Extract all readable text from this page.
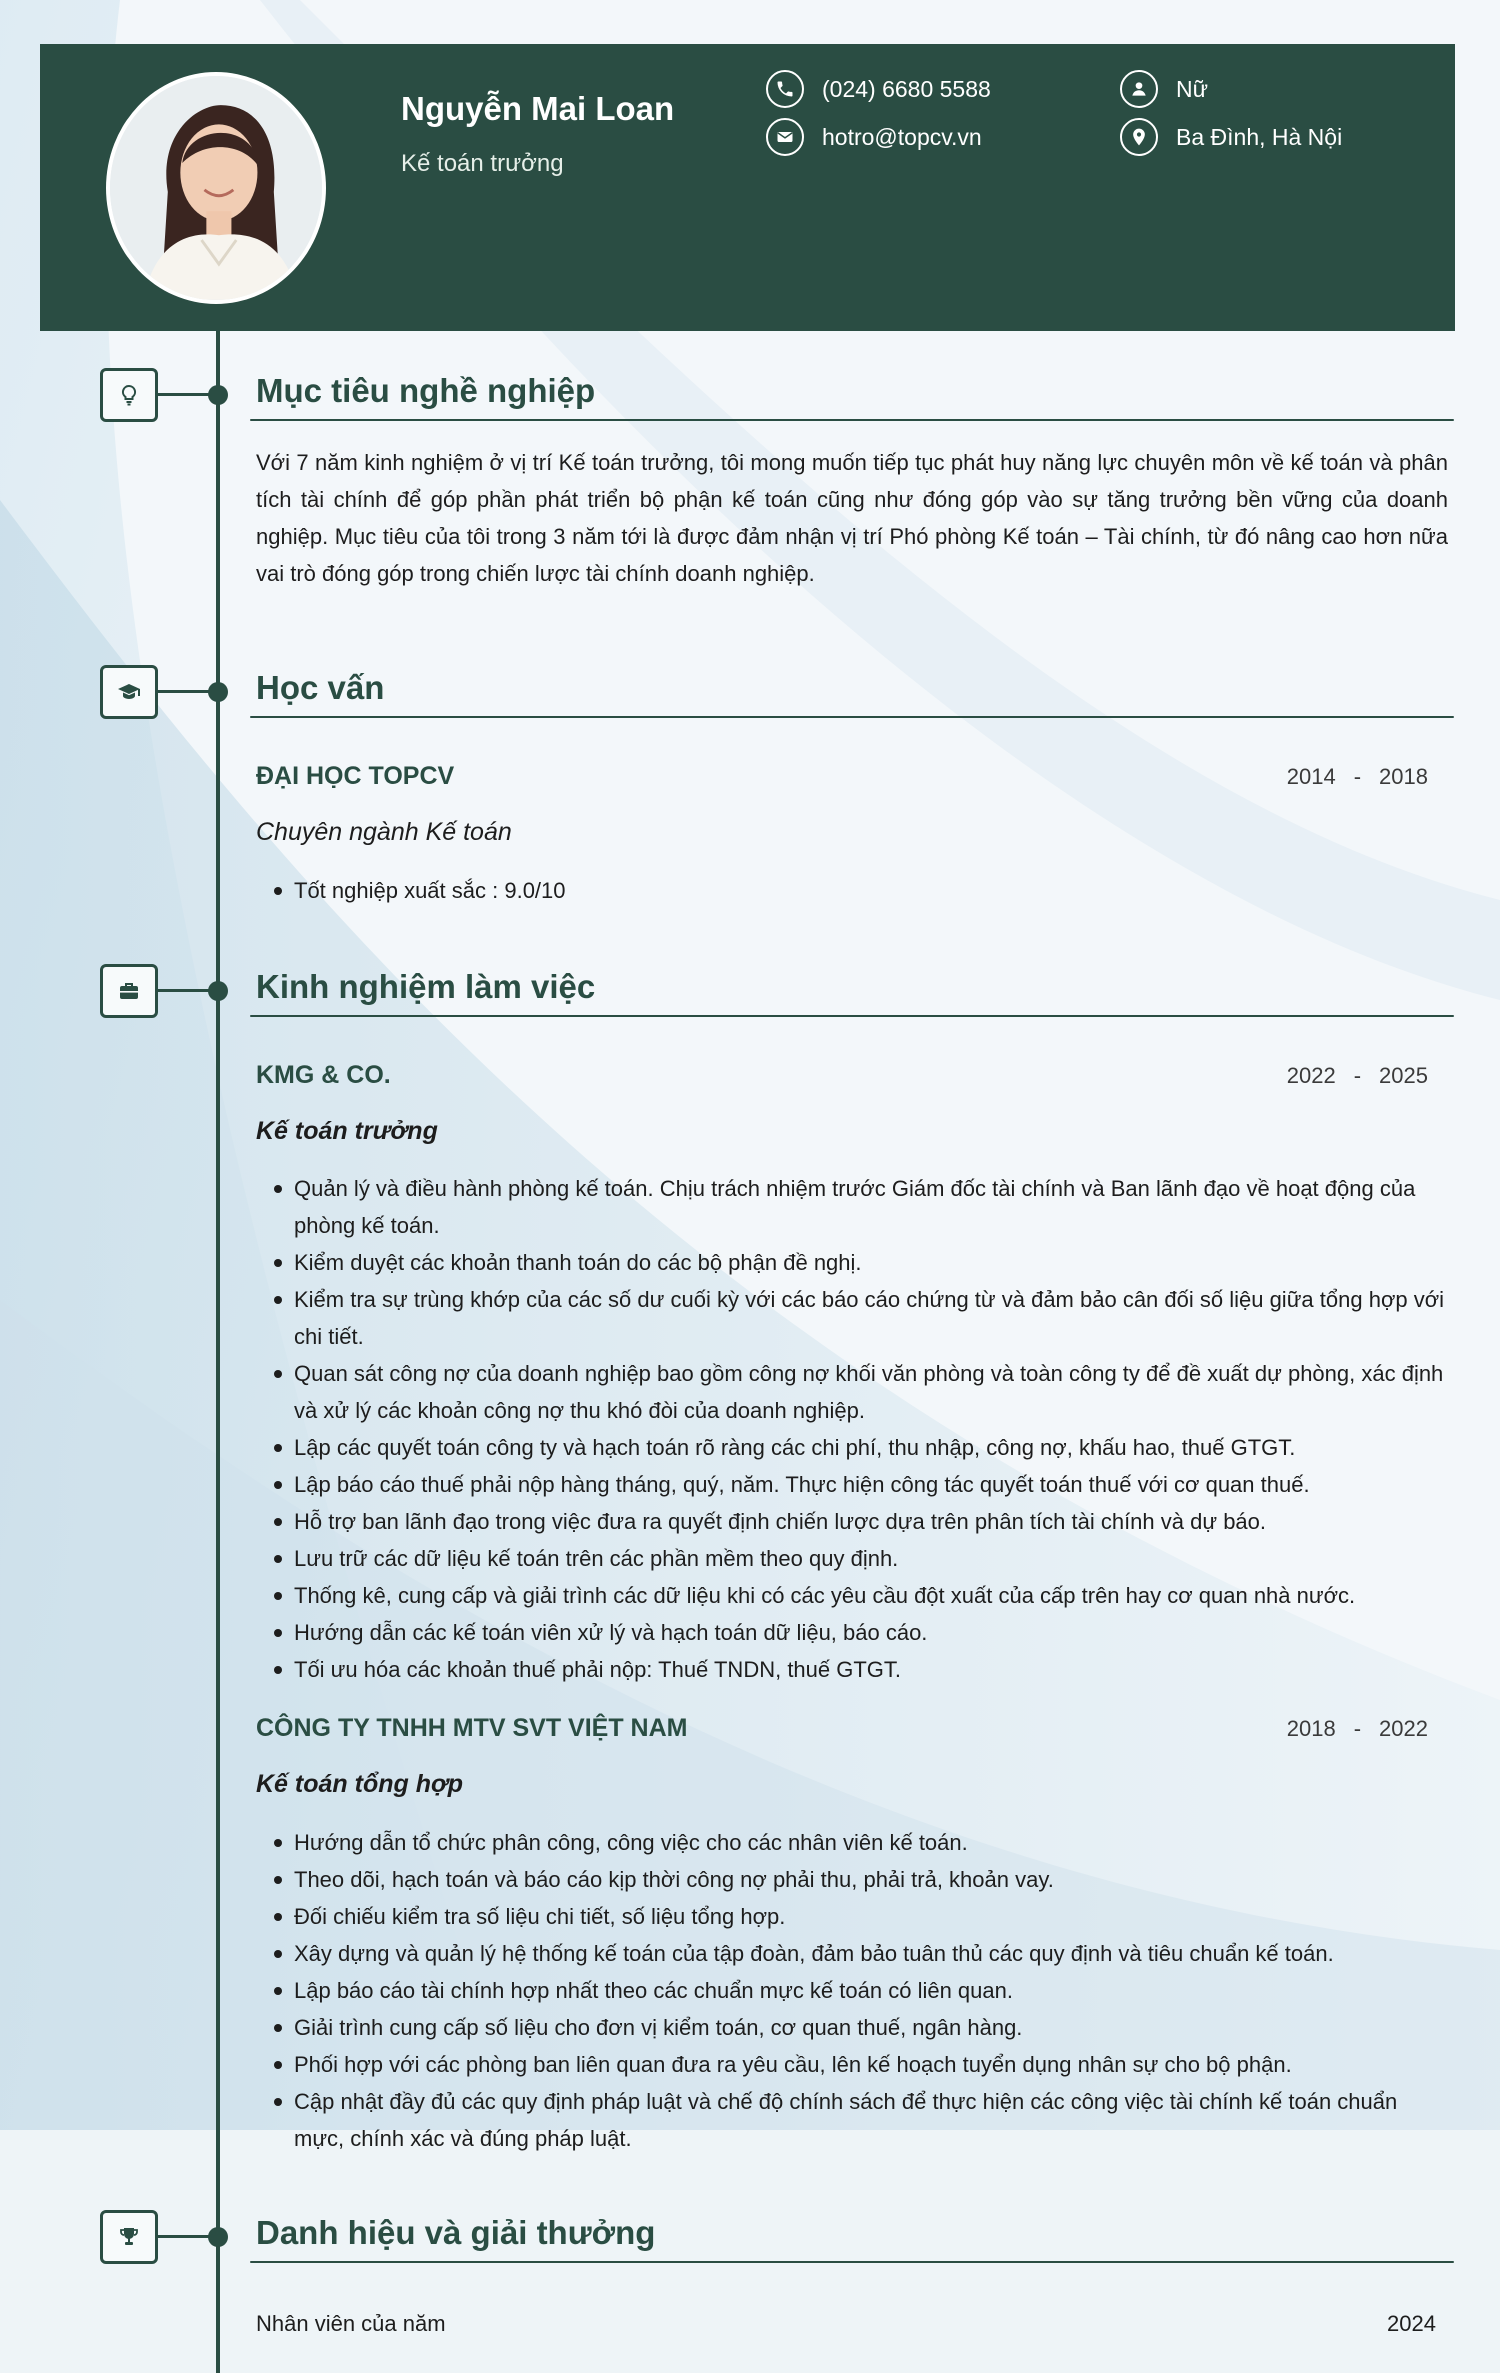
Nguyễn Mai Loan
Kế toán trưởng
(024) 6680 5588
hotro@topcv.vn
Nữ
Ba Đình, Hà Nội
Mục tiêu nghề nghiệp
Với 7 năm kinh nghiệm ở vị trí Kế toán trưởng, tôi mong muốn tiếp tục phát huy năng lực chuyên môn về kế toán và phân tích tài chính để góp phần phát triển bộ phận kế toán cũng như đóng góp vào sự tăng trưởng bền vững của doanh nghiệp. Mục tiêu của tôi trong 3 năm tới là được đảm nhận vị trí Phó phòng Kế toán – Tài chính, từ đó nâng cao hơn nữa vai trò đóng góp trong chiến lược tài chính doanh nghiệp.
Học vấn
ĐẠI HỌC TOPCV	2014 - 2018
Chuyên ngành Kế toán
Tốt nghiệp xuất sắc : 9.0/10
Kinh nghiệm làm việc
KMG & CO.	2022 - 2025
Kế toán trưởng
Quản lý và điều hành phòng kế toán. Chịu trách nhiệm trước Giám đốc tài chính và Ban lãnh đạo về hoạt động của phòng kế toán.
Kiểm duyệt các khoản thanh toán do các bộ phận đề nghị.
Kiểm tra sự trùng khớp của các số dư cuối kỳ với các báo cáo chứng từ và đảm bảo cân đối số liệu giữa tổng hợp với chi tiết.
Quan sát công nợ của doanh nghiệp bao gồm công nợ khối văn phòng và toàn công ty để đề xuất dự phòng, xác định và xử lý các khoản công nợ thu khó đòi của doanh nghiệp.
Lập các quyết toán công ty và hạch toán rõ ràng các chi phí, thu nhập, công nợ, khấu hao, thuế GTGT.
Lập báo cáo thuế phải nộp hàng tháng, quý, năm. Thực hiện công tác quyết toán thuế với cơ quan thuế.
Hỗ trợ ban lãnh đạo trong việc đưa ra quyết định chiến lược dựa trên phân tích tài chính và dự báo.
Lưu trữ các dữ liệu kế toán trên các phần mềm theo quy định.
Thống kê, cung cấp và giải trình các dữ liệu khi có các yêu cầu đột xuất của cấp trên hay cơ quan nhà nước.
Hướng dẫn các kế toán viên xử lý và hạch toán dữ liệu, báo cáo.
Tối ưu hóa các khoản thuế phải nộp: Thuế TNDN, thuế GTGT.
CÔNG TY TNHH MTV SVT VIỆT NAM	2018 - 2022
Kế toán tổng hợp
Hướng dẫn tổ chức phân công, công việc cho các nhân viên kế toán.
Theo dõi, hạch toán và báo cáo kịp thời công nợ phải thu, phải trả, khoản vay.
Đối chiếu kiểm tra số liệu chi tiết, số liệu tổng hợp.
Xây dựng và quản lý hệ thống kế toán của tập đoàn, đảm bảo tuân thủ các quy định và tiêu chuẩn kế toán.
Lập báo cáo tài chính hợp nhất theo các chuẩn mực kế toán có liên quan.
Giải trình cung cấp số liệu cho đơn vị kiểm toán, cơ quan thuế, ngân hàng.
Phối hợp với các phòng ban liên quan đưa ra yêu cầu, lên kế hoạch tuyển dụng nhân sự cho bộ phận.
Cập nhật đầy đủ các quy định pháp luật và chế độ chính sách để thực hiện các công việc tài chính kế toán chuẩn mực, chính xác và đúng pháp luật.
Danh hiệu và giải thưởng
Nhân viên của năm	2024
